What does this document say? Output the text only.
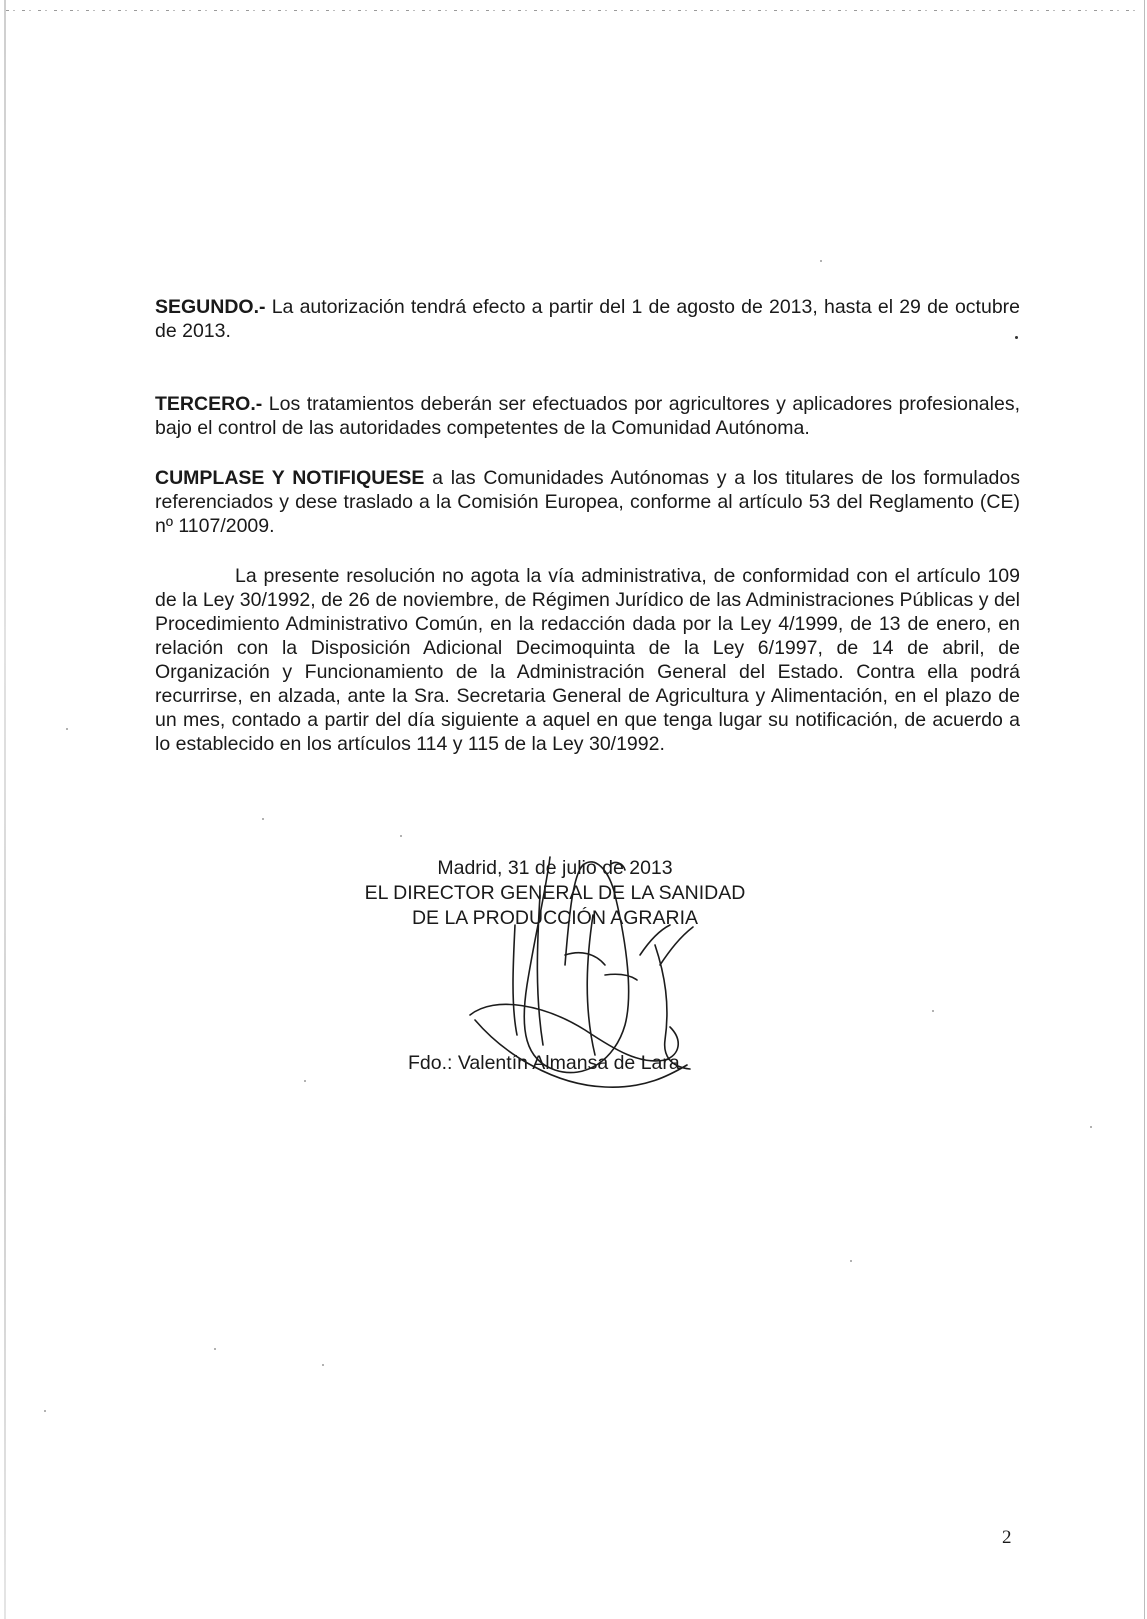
SEGUNDO.- La autorización tendrá efecto a partir del 1 de agosto de 2013, hasta el 29 de octubre de 2013.

TERCERO.- Los tratamientos deberán ser efectuados por agricultores y aplicadores profesionales, bajo el control de las autoridades competentes de la Comunidad Autónoma.

CUMPLASE Y NOTIFIQUESE a las Comunidades Autónomas y a los titulares de los formulados referenciados y dese traslado a la Comisión Europea, conforme al artículo 53 del Reglamento (CE) nº 1107/2009.

La presente resolución no agota la vía administrativa, de conformidad con el artículo 109 de la Ley 30/1992, de 26 de noviembre, de Régimen Jurídico de las Administraciones Públicas y del Procedimiento Administrativo Común, en la redacción dada por la Ley 4/1999, de 13 de enero, en relación con la Disposición Adicional Decimoquinta de la Ley 6/1997, de 14 de abril, de Organización y Funcionamiento de la Administración General del Estado. Contra ella podrá recurrirse, en alzada, ante la Sra. Secretaria General de Agricultura y Alimentación, en el plazo de un mes, contado a partir del día siguiente a aquel en que tenga lugar su notificación, de acuerdo a lo establecido en los artículos 114 y 115 de la Ley 30/1992.

Madrid, 31 de julio de 2013
EL DIRECTOR GENERAL DE LA SANIDAD
DE LA PRODUCCIÓN AGRARIA
Fdo.: Valentín Almansa de Lara
2
